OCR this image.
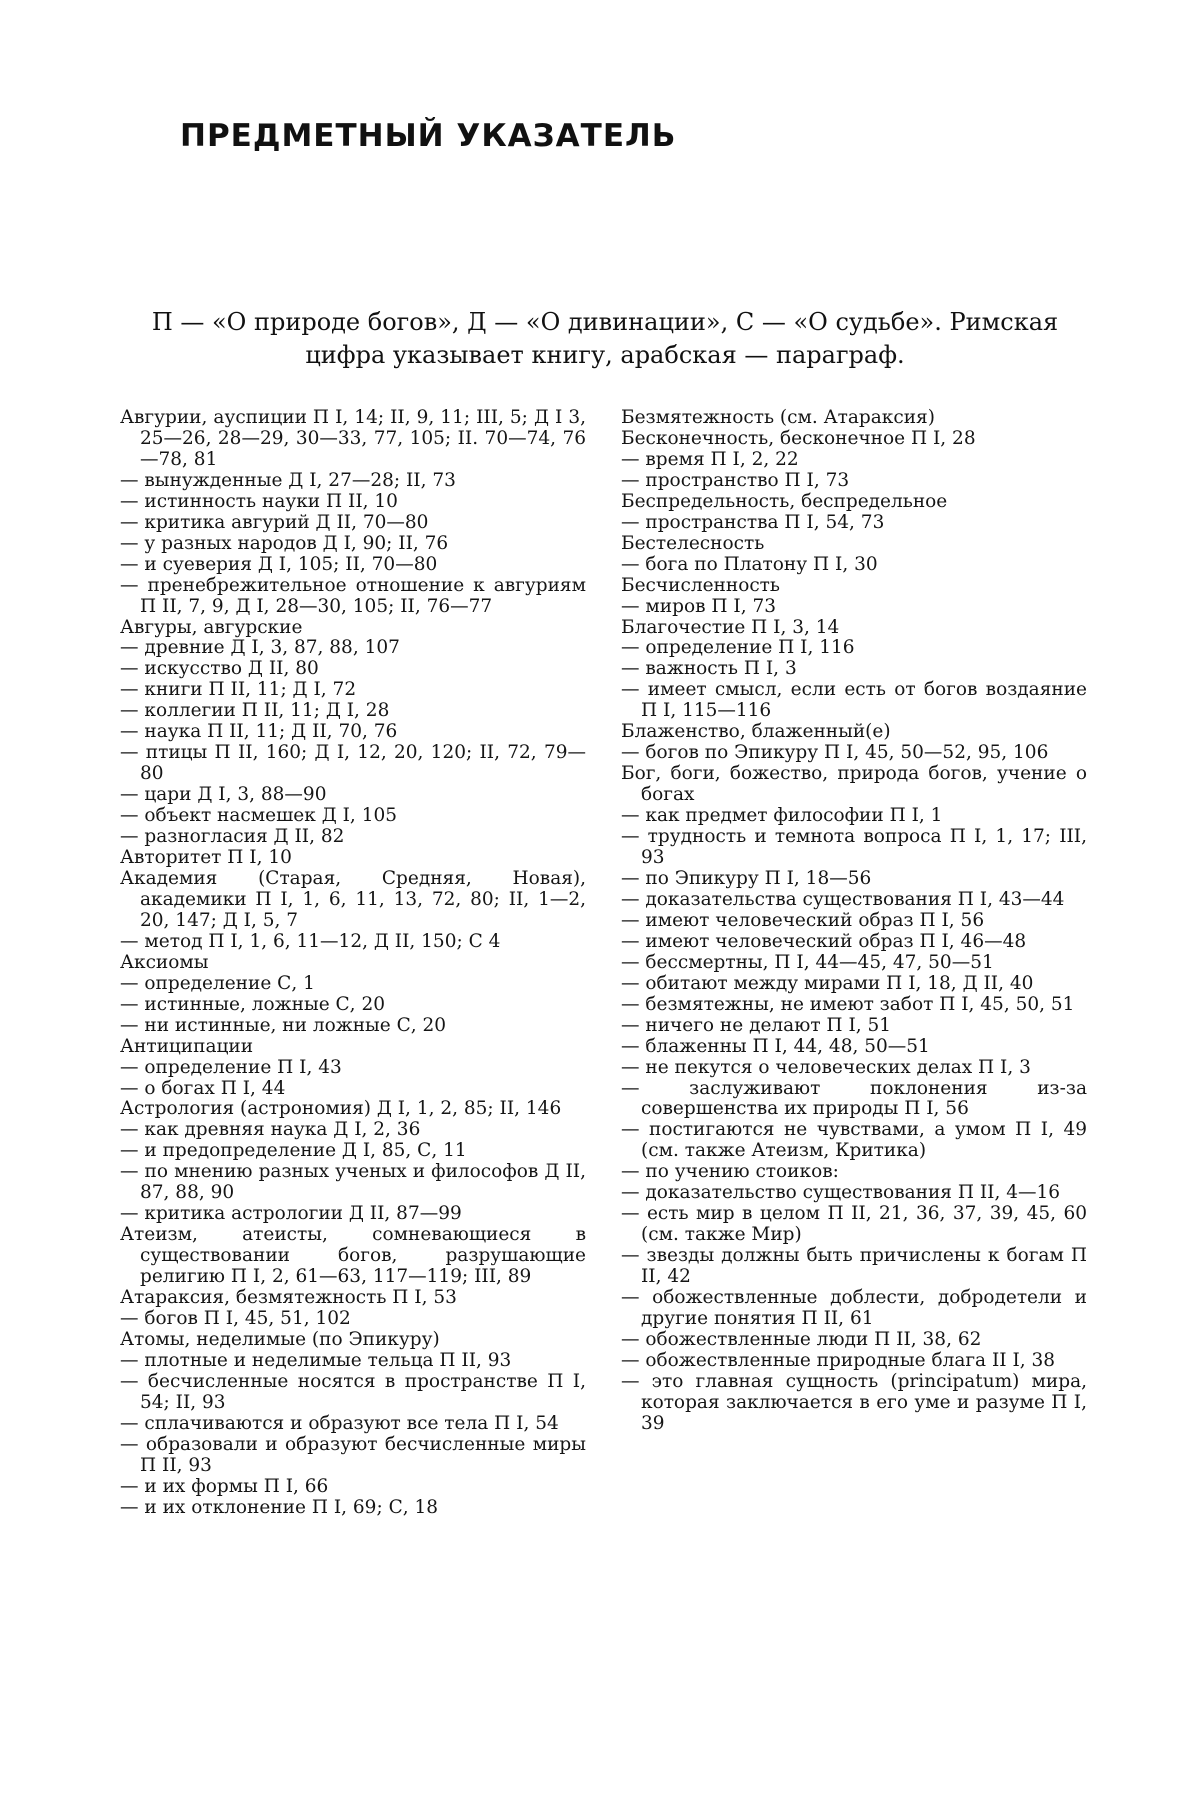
ПРЕДМЕТНЫЙ УКАЗАТЕЛЬ
П — «О природе богов», Д — «О дивинации», С — «О судьбе». Римская
цифра указывает книгу, арабская — параграф.

Авгурии, ауспиции П I, 14; II, 9, 11; III, 5; Д I 3, 25—26, 28—29, 30—33, 77, 105; II. 70—74, 76—78, 81

— вынужденные Д I, 27—28; II, 73

— истинность науки П II, 10

— критика авгурий Д II, 70—80

— у разных народов Д I, 90; II, 76

— и суеверия Д I, 105; II, 70—80

— пренебрежительное отношение к авгуриям П II, 7, 9, Д I, 28—30, 105; II, 76—77

Авгуры, авгурские

— древние Д I, 3, 87, 88, 107

— искусство Д II, 80

— книги П II, 11; Д I, 72

— коллегии П II, 11; Д I, 28

— наука П II, 11; Д II, 70, 76

— птицы П II, 160; Д I, 12, 20, 120; II, 72, 79—80

— цари Д I, 3, 88—90

— объект насмешек Д I, 105

— разногласия Д II, 82

Авторитет П I, 10

Академия (Старая, Средняя, Новая), академики П I, 1, 6, 11, 13, 72, 80; II, 1—2, 20, 147; Д I, 5, 7

— метод П I, 1, 6, 11—12, Д II, 150; С 4

Аксиомы

— определение С, 1

— истинные, ложные С, 20

— ни истинные, ни ложные С, 20

Антиципации

— определение П I, 43

— о богах П I, 44

Астрология (астрономия) Д I, 1, 2, 85; II, 146

— как древняя наука Д I, 2, 36

— и предопределение Д I, 85, С, 11

— по мнению разных ученых и философов Д II, 87, 88, 90

— критика астрологии Д II, 87—99

Атеизм, атеисты, сомневающиеся в существовании богов, разрушающие религию П I, 2, 61—63, 117—119; III, 89

Атараксия, безмятежность П I, 53

— богов П I, 45, 51, 102

Атомы, неделимые (по Эпикуру)

— плотные и неделимые тельца П II, 93

— бесчисленные носятся в пространстве П I, 54; II, 93

— сплачиваются и образуют все тела П I, 54

— образовали и образуют бесчисленные миры П II, 93

— и их формы П I, 66

— и их отклонение П I, 69; С, 18

Безмятежность (см. Атараксия)

Бесконечность, бесконечное П I, 28

— время П I, 2, 22

— пространство П I, 73

Беспредельность, беспредельное

— пространства П I, 54, 73

Бестелесность

— бога по Платону П I, 30

Бесчисленность

— миров П I, 73

Благочестие П I, 3, 14

— определение П I, 116

— важность П I, 3

— имеет смысл, если есть от богов воздаяние П I, 115—116

Блаженство, блаженный(е)

— богов по Эпикуру П I, 45, 50—52, 95, 106

Бог, боги, божество, природа богов, учение о богах

— как предмет философии П I, 1

— трудность и темнота вопроса П I, 1, 17; III, 93

— по Эпикуру П I, 18—56

— доказательства существования П I, 43—44

— имеют человеческий образ П I, 56

— имеют человеческий образ П I, 46—48

— бессмертны, П I, 44—45, 47, 50—51

— обитают между мирами П I, 18, Д II, 40

— безмятежны, не имеют забот П I, 45, 50, 51

— ничего не делают П I, 51

— блаженны П I, 44, 48, 50—51

— не пекутся о человеческих делах П I, 3

— заслуживают поклонения из-за совершенства их природы П I, 56

— постигаются не чувствами, а умом П I, 49 (см. также Атеизм, Критика)

— по учению стоиков:

— доказательство существования П II, 4—16

— есть мир в целом П II, 21, 36, 37, 39, 45, 60 (см. также Мир)

— звезды должны быть причислены к богам П II, 42

— обожествленные доблести, добродетели и другие понятия П II, 61

— обожествленные люди П II, 38, 62

— обожествленные природные блага II I, 38

— это главная сущность (principatum) мира, которая заключается в его уме и разуме П I, 39
